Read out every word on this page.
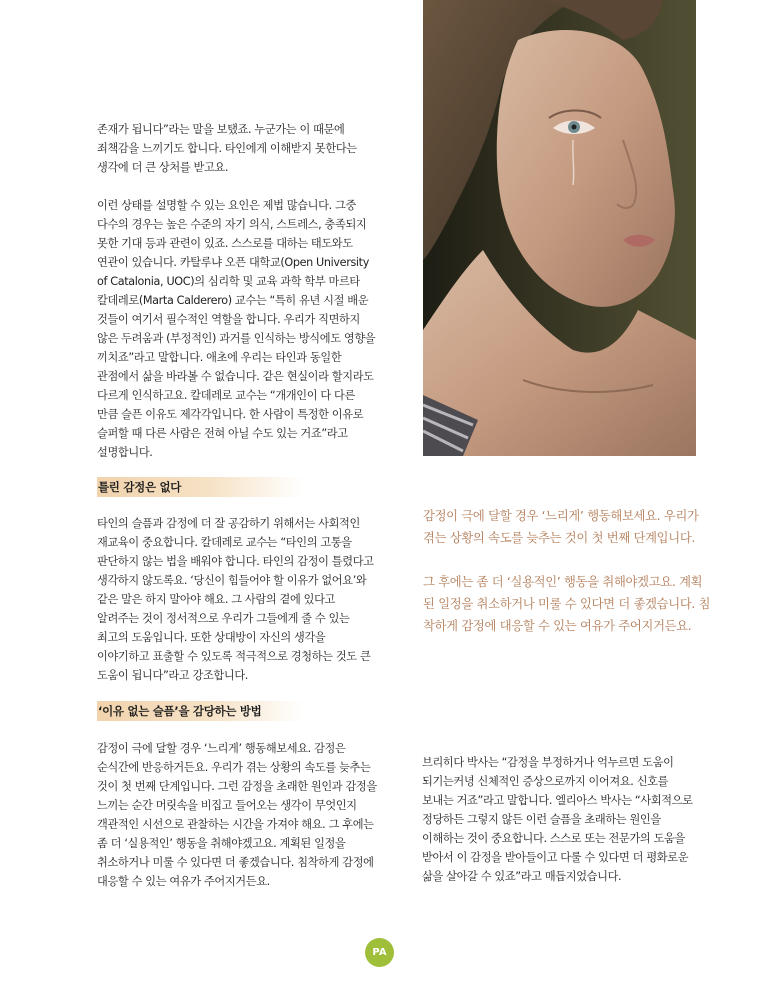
존재가 됩니다”라는 말을 보탰죠. 누군가는 이 때문에 죄책감을 느끼기도 합니다. 타인에게 이해받지 못한다는 생각에 더 큰 상처를 받고요.

이런 상태를 설명할 수 있는 요인은 제법 많습니다. 그중 다수의 경우는 높은 수준의 자기 의식, 스트레스, 충족되지 못한 기대 등과 관련이 있죠. 스스로를 대하는 태도와도 연관이 있습니다. 카탈루냐 오픈 대학교(Open University of Catalonia, UOC)의 심리학 및 교육 과학 학부 마르타 칼데레로(Marta Calderero) 교수는 “특히 유년 시절 배운 것들이 여기서 필수적인 역할을 합니다. 우리가 직면하지 않은 두려움과 (부정적인) 과거를 인식하는 방식에도 영향을 끼치죠”라고 말합니다. 애초에 우리는 타인과 동일한 관점에서 삶을 바라볼 수 없습니다. 같은 현실이라 할지라도 다르게 인식하고요. 칼데레로 교수는 “개개인이 다 다른 만큼 슬픈 이유도 제각각입니다. 한 사람이 특정한 이유로 슬퍼할 때 다른 사람은 전혀 아닐 수도 있는 거죠”라고 설명합니다.

틀린 감정은 없다

타인의 슬픔과 감정에 더 잘 공감하기 위해서는 사회적인 재교육이 중요합니다. 칼데레로 교수는 “타인의 고통을 판단하지 않는 법을 배워야 합니다. 타인의 감정이 틀렸다고 생각하지 않도록요. ‘당신이 힘들어야 할 이유가 없어요’와 같은 말은 하지 말아야 해요. 그 사람의 곁에 있다고 알려주는 것이 정서적으로 우리가 그들에게 줄 수 있는 최고의 도움입니다. 또한 상대방이 자신의 생각을 이야기하고 표출할 수 있도록 적극적으로 경청하는 것도 큰 도움이 됩니다”라고 강조합니다.

‘이유 없는 슬픔’을 감당하는 방법

감정이 극에 달할 경우 ‘느리게’ 행동해보세요. 감정은 순식간에 반응하거든요. 우리가 겪는 상황의 속도를 늦추는 것이 첫 번째 단계입니다. 그런 감정을 초래한 원인과 감정을 느끼는 순간 머릿속을 비집고 들어오는 생각이 무엇인지 객관적인 시선으로 관찰하는 시간을 가져야 해요. 그 후에는 좀 더 ‘실용적인’ 행동을 취해야겠고요. 계획된 일정을 취소하거나 미룰 수 있다면 더 좋겠습니다. 침착하게 감정에 대응할 수 있는 여유가 주어지거든요.

감정이 극에 달할 경우 ‘느리게’ 행동해보세요. 우리가 겪는 상황의 속도를 늦추는 것이 첫 번째 단계입니다.

그 후에는 좀 더 ‘실용적인’ 행동을 취해야겠고요. 계획된 일정을 취소하거나 미룰 수 있다면 더 좋겠습니다. 침착하게 감정에 대응할 수 있는 여유가 주어지거든요.

브리히다 박사는 “감정을 부정하거나 억누르면 도움이 되기는커녕 신체적인 증상으로까지 이어져요. 신호를 보내는 거죠”라고 말합니다. 엘리아스 박사는 “사회적으로 정당하든 그렇지 않든 이런 슬픔을 초래하는 원인을 이해하는 것이 중요합니다. 스스로 또는 전문가의 도움을 받아서 이 감정을 받아들이고 다룰 수 있다면 더 평화로운 삶을 살아갈 수 있죠”라고 매듭지었습니다.

PA
